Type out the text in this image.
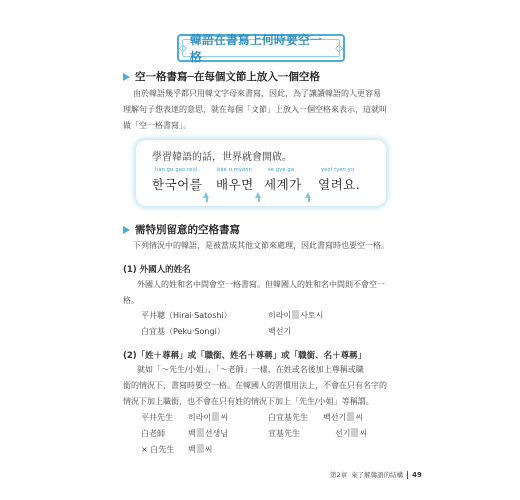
◇
韓語在書寫上何時要空一格
◇
空一格書寫─在每個文節上放入一個空格
由於韓語幾乎都只用韓文字母來書寫，因此，為了讓讀韓語的人更容易
理解句子想表達的意思，就在每個「文節」上放入一個空格來表示，這就叫
做「空一格書寫」。
學習韓語的話，世界就會開啟。
han gu geo reul	bae u myeon	se gye ga	yeol ryeo yo
한국어를 배우면 세계가 열려요.
需特別留意的空格書寫
下列情況中的韓語，是被當成其他文節來處理，因此書寫時也要空一格。
(1) 外國人的姓名
外國人的姓和名中間會空一格書寫。但韓國人的姓和名中間則不會空一
格。
平井聰（Hirai‧Satoshi）	히라이 사토시
白宜基（Peku‧Songi）	백선기
(2)「姓＋尊稱」或「職銜、姓名＋尊稱」或「職銜、名＋尊稱」
就如「～先生/小姐」、「～老師」一樣，在姓或名後加上尊稱或職
銜的情況下，書寫時要空一格。在韓國人的習慣用法上，不會在只有名字的
情況下加上職銜，也不會在只有姓的情況下加上「先生/小姐」等稱謂。
平井先生 히라이 씨	白宜基先生 백선기 씨
白老師	백 선생님	宣基先生	선기 씨
× 白先生 백 씨
第2章 來了解韓語的結構 49
